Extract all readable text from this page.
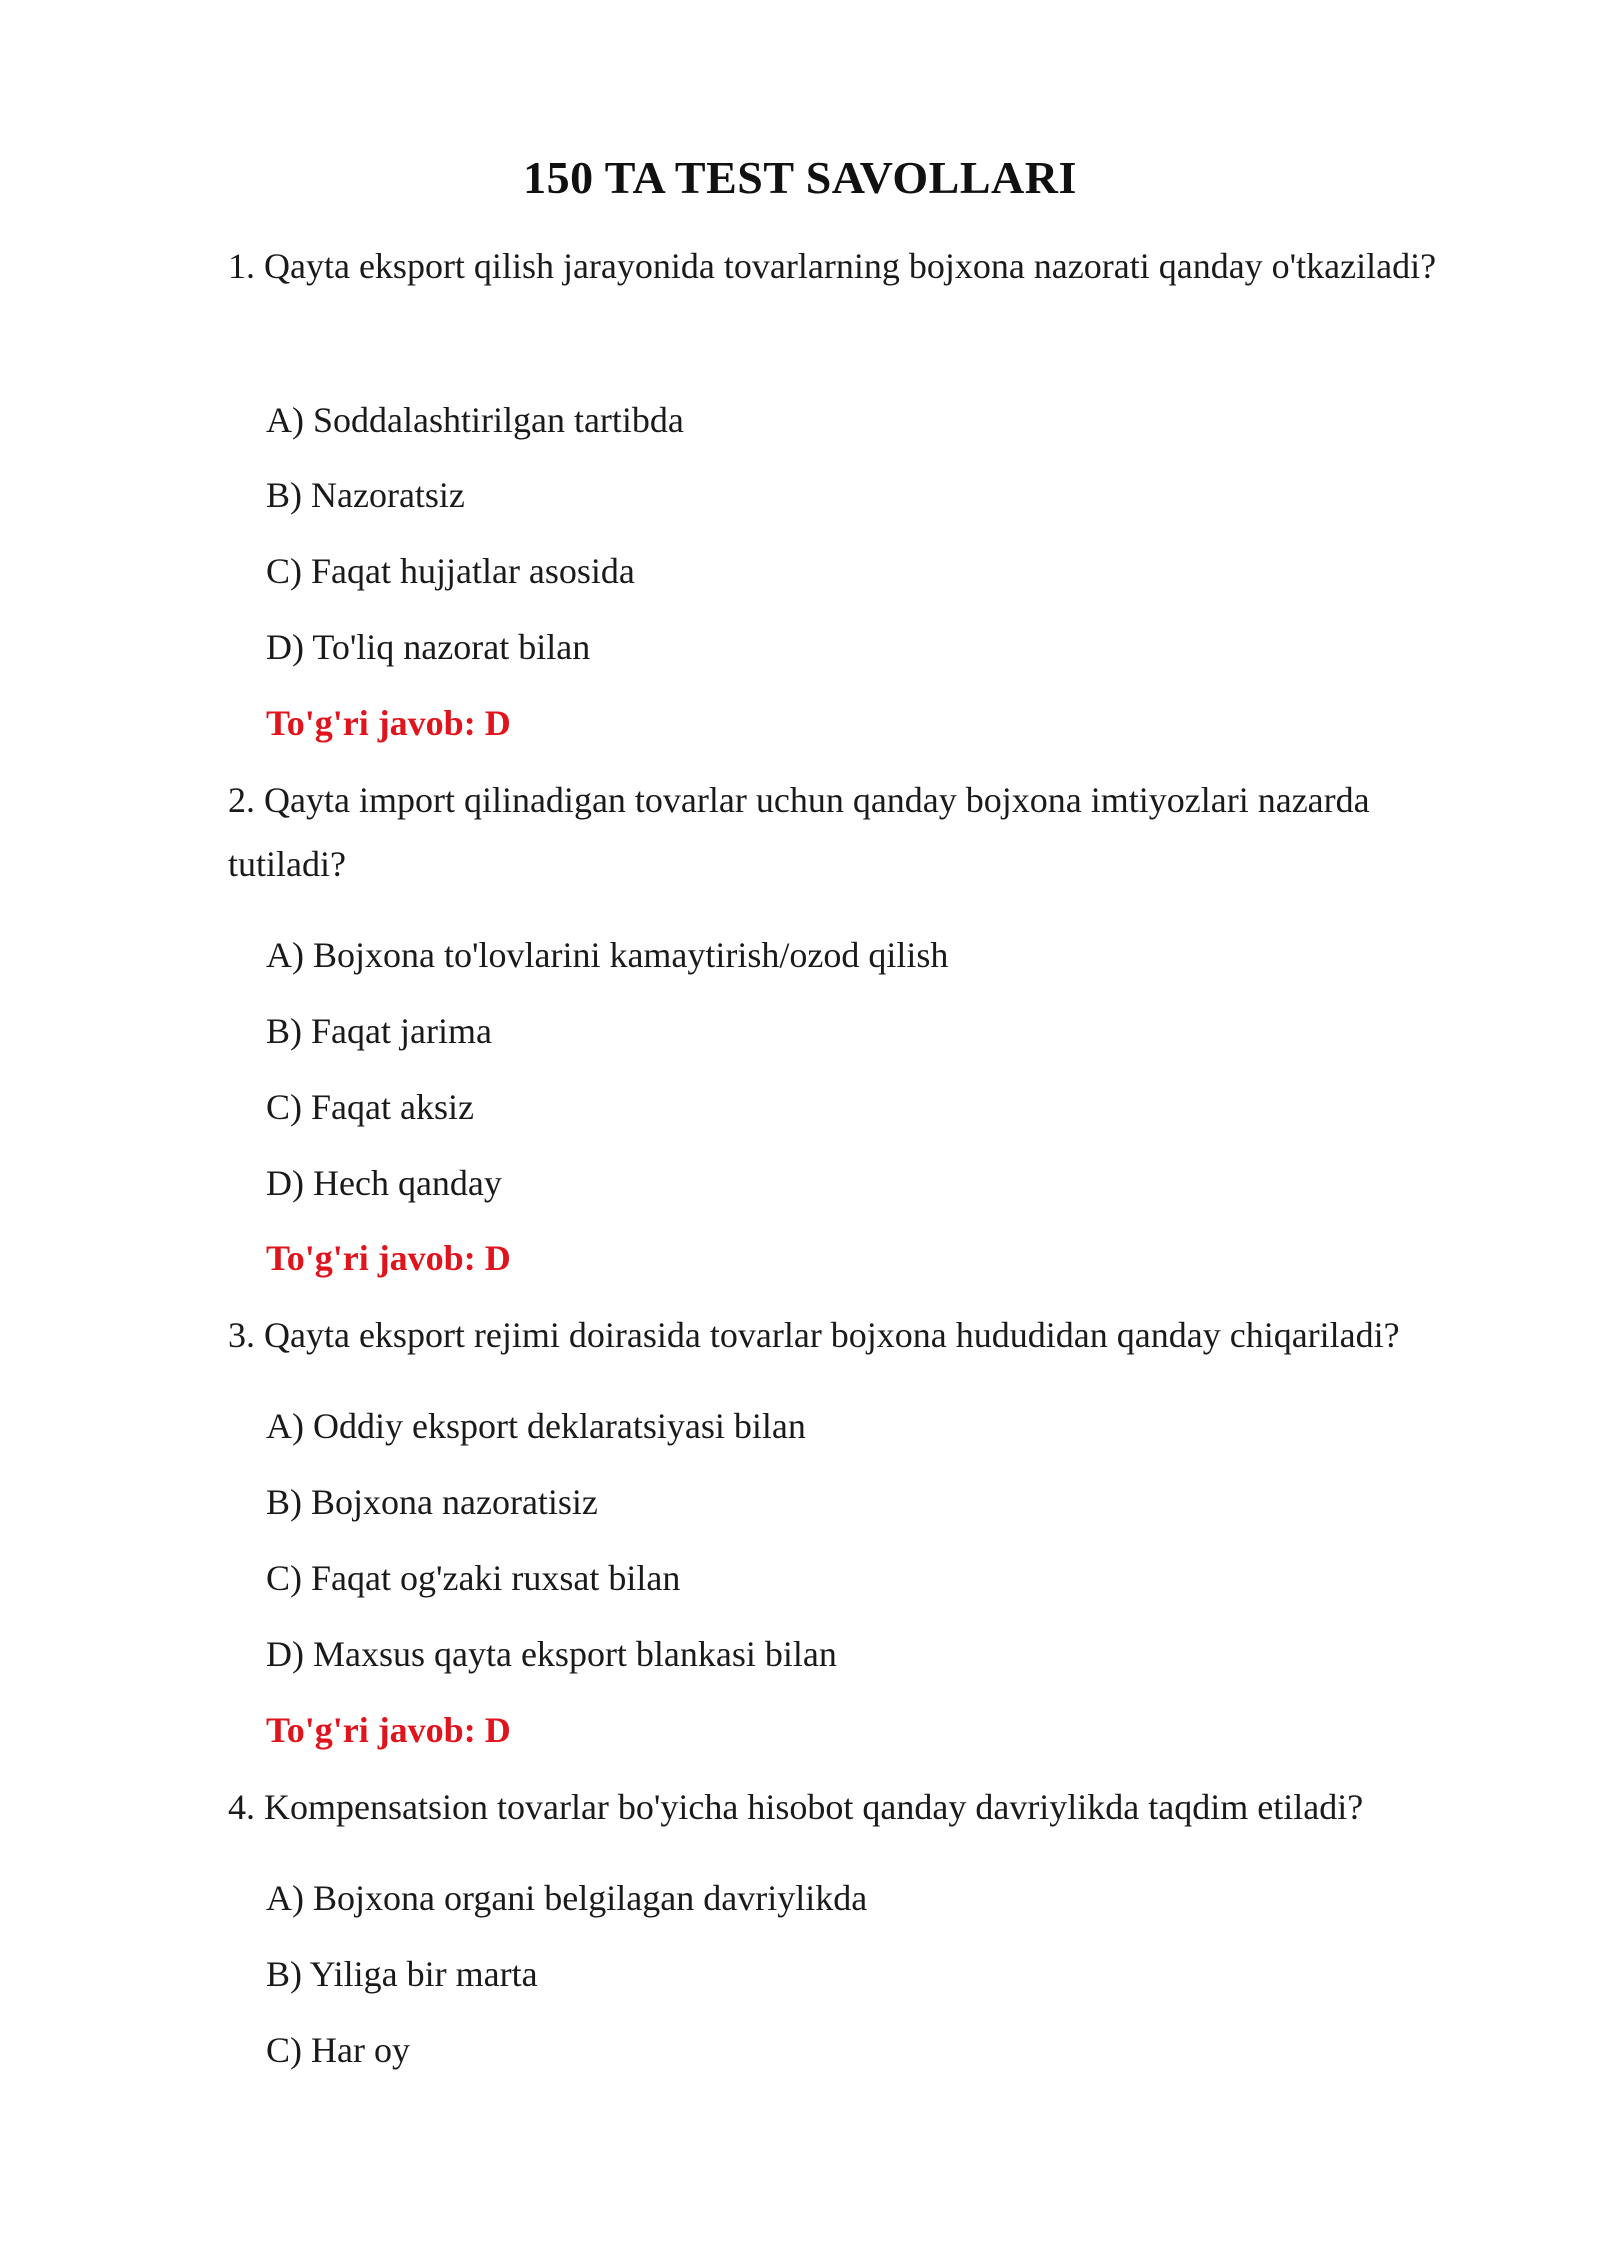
150 TA TEST SAVOLLARI
1. Qayta eksport qilish jarayonida tovarlarning bojxona nazorati qanday o'tkaziladi?
A) Soddalashtirilgan tartibda
B) Nazoratsiz
C) Faqat hujjatlar asosida
D) To'liq nazorat bilan
To'g'ri javob: D
2. Qayta import qilinadigan tovarlar uchun qanday bojxona imtiyozlari nazarda tutiladi?
A) Bojxona to'lovlarini kamaytirish/ozod qilish
B) Faqat jarima
C) Faqat aksiz
D) Hech qanday
To'g'ri javob: D
3. Qayta eksport rejimi doirasida tovarlar bojxona hududidan qanday chiqariladi?
A) Oddiy eksport deklaratsiyasi bilan
B) Bojxona nazoratisiz
C) Faqat og'zaki ruxsat bilan
D) Maxsus qayta eksport blankasi bilan
To'g'ri javob: D
4. Kompensatsion tovarlar bo'yicha hisobot qanday davriylikda taqdim etiladi?
A) Bojxona organi belgilagan davriylikda
B) Yiliga bir marta
C) Har oy
